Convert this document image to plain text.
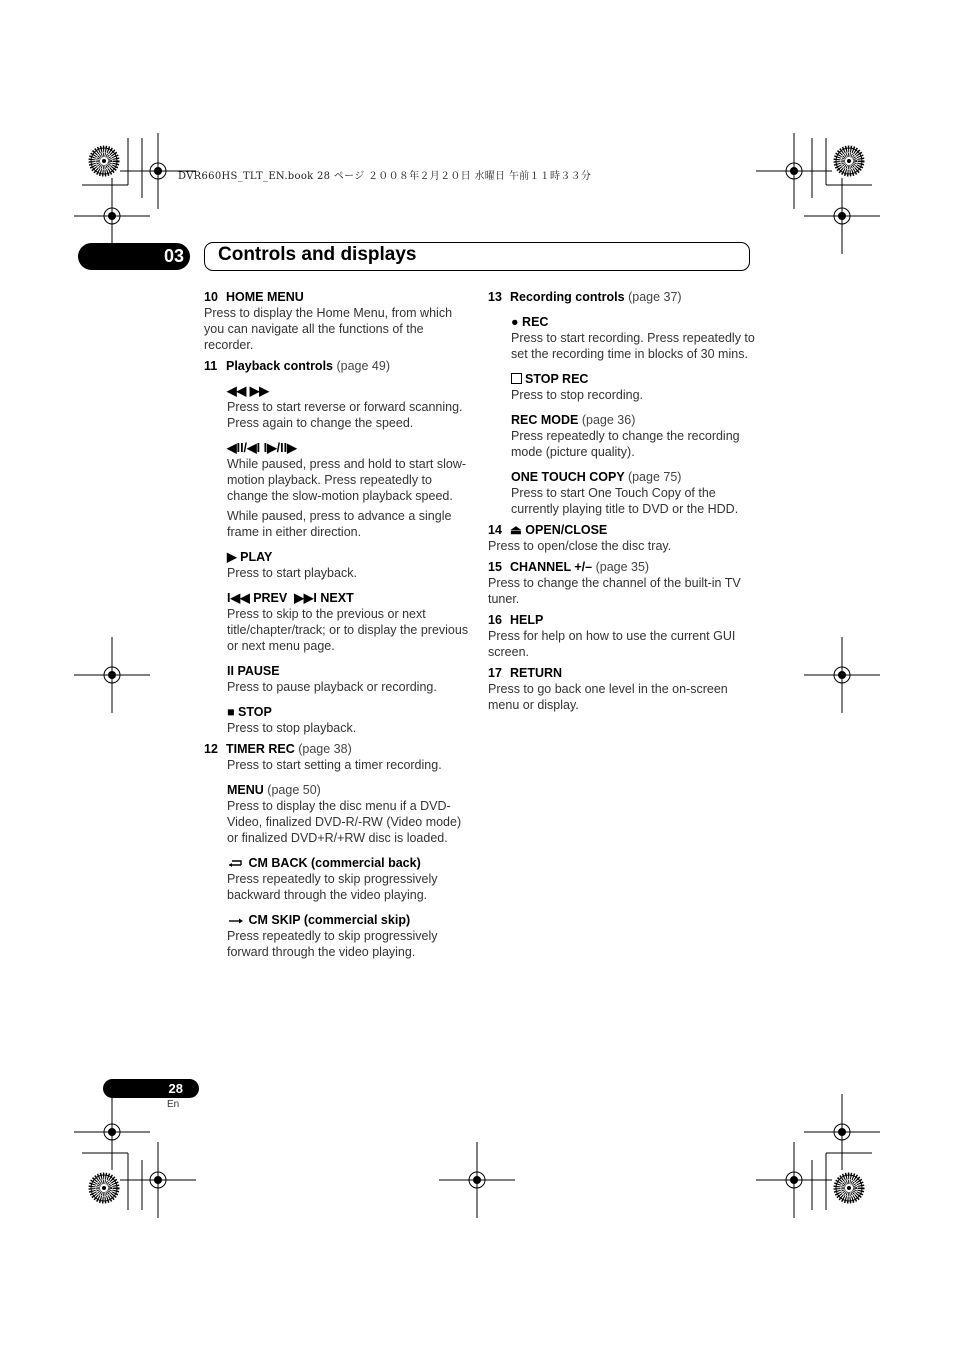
DVR660HS_TLT_EN.book 28 ページ ２００８年２月２０日 水曜日 午前１１時３３分
03 Controls and displays
10 HOME MENU
Press to display the Home Menu, from which you can navigate all the functions of the recorder.
11 Playback controls (page 49)
◀◀ ▶▶
Press to start reverse or forward scanning. Press again to change the speed.
◀II/◀I I▶/II▶
While paused, press and hold to start slow-motion playback. Press repeatedly to change the slow-motion playback speed.
While paused, press to advance a single frame in either direction.
▶ PLAY
Press to start playback.
I◀◀ PREV ▶▶I NEXT
Press to skip to the previous or next title/chapter/track; or to display the previous or next menu page.
II PAUSE
Press to pause playback or recording.
■ STOP
Press to stop playback.
12 TIMER REC (page 38)
Press to start setting a timer recording.
MENU (page 50)
Press to display the disc menu if a DVD-Video, finalized DVD-R/-RW (Video mode) or finalized DVD+R/+RW disc is loaded.
CM BACK (commercial back)
Press repeatedly to skip progressively backward through the video playing.
CM SKIP (commercial skip)
Press repeatedly to skip progressively forward through the video playing.
13 Recording controls (page 37)
● REC
Press to start recording. Press repeatedly to set the recording time in blocks of 30 mins.
STOP REC
Press to stop recording.
REC MODE (page 36)
Press repeatedly to change the recording mode (picture quality).
ONE TOUCH COPY (page 75)
Press to start One Touch Copy of the currently playing title to DVD or the HDD.
14 ⏏ OPEN/CLOSE
Press to open/close the disc tray.
15 CHANNEL +/– (page 35)
Press to change the channel of the built-in TV tuner.
16 HELP
Press for help on how to use the current GUI screen.
17 RETURN
Press to go back one level in the on-screen menu or display.
28
En
